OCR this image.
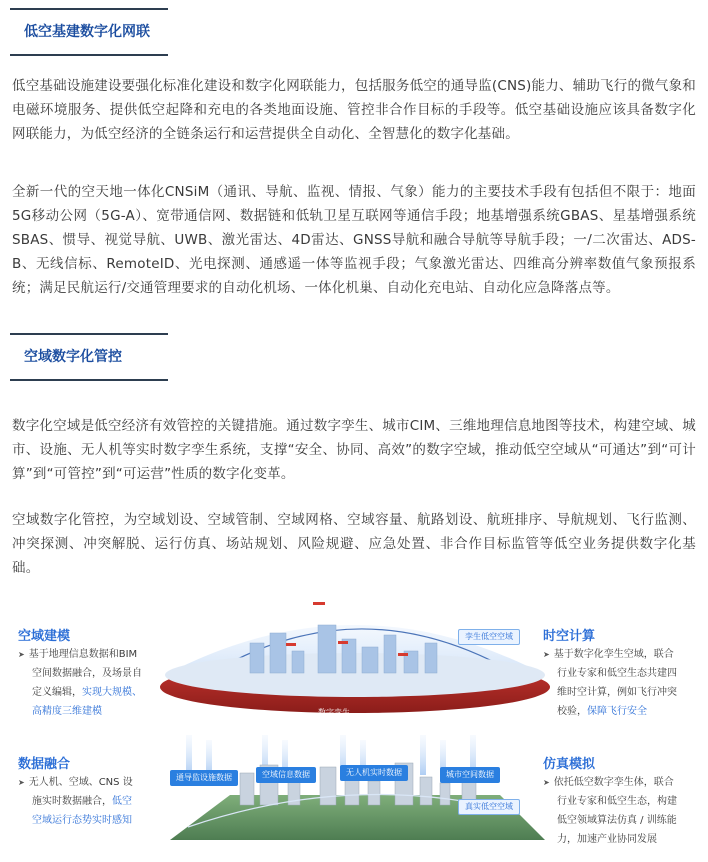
低空基建数字化网联

低空基础设施建设要强化标准化建设和数字化网联能力，包括服务低空的通导监(CNS)能力、辅助飞行的微气象和电磁环境服务、提供低空起降和充电的各类地面设施、管控非合作目标的手段等。低空基础设施应该具备数字化网联能力，为低空经济的全链条运行和运营提供全自动化、全智慧化的数字化基础。

全新一代的空天地一体化CNSiM（通讯、导航、监视、情报、气象）能力的主要技术手段有包括但不限于：地面5G移动公网（5G-A）、宽带通信网、数据链和低轨卫星互联网等通信手段；地基增强系统GBAS、星基增强系统SBAS、惯导、视觉导航、UWB、激光雷达、4D雷达、GNSS导航和融合导航等导航手段；一/二次雷达、ADS-B、无线信标、RemoteID、光电探测、通感遥一体等监视手段；气象激光雷达、四维高分辨率数值气象预报系统；满足民航运行/交通管理要求的自动化机场、一体化机巢、自动化充电站、自动化应急降落点等。

空域数字化管控

数字化空域是低空经济有效管控的关键措施。通过数字孪生、城市CIM、三维地理信息地图等技术，构建空域、城市、设施、无人机等实时数字孪生系统，支撑“安全、协同、高效”的数字空域，推动低空空域从“可通达”到“可计算”到“可管控”到“可运营”性质的数字化变革。

空域数字化管控，为空域划设、空域管制、空域网格、空域容量、航路划设、航班排序、导航规划、飞行监测、冲突探测、冲突解脱、运行仿真、场站规划、风险规避、应急处置、非合作目标监管等低空业务提供数字化基础。

数字孪生
孪生低空空域
真实低空空域
通导监设施数据	空域信息数据	无人机实时数据	城市空间数据
空域建模
➤ 基于地理信息数据和BIM
空间数据融合，及场景自
定义编辑，实现大规模、
高精度三维建模
时空计算
➤ 基于数字化孪生空域，联合
行业专家和低空生态共建四
维时空计算，例如飞行冲突
校验，保障飞行安全
数据融合
➤ 无人机、空域、CNS 设
施实时数据融合，低空
空域运行态势实时感知
仿真模拟
➤ 依托低空数字孪生体，联合
行业专家和低空生态，构建
低空领域算法仿真 / 训练能
力，加速产业协同发展
